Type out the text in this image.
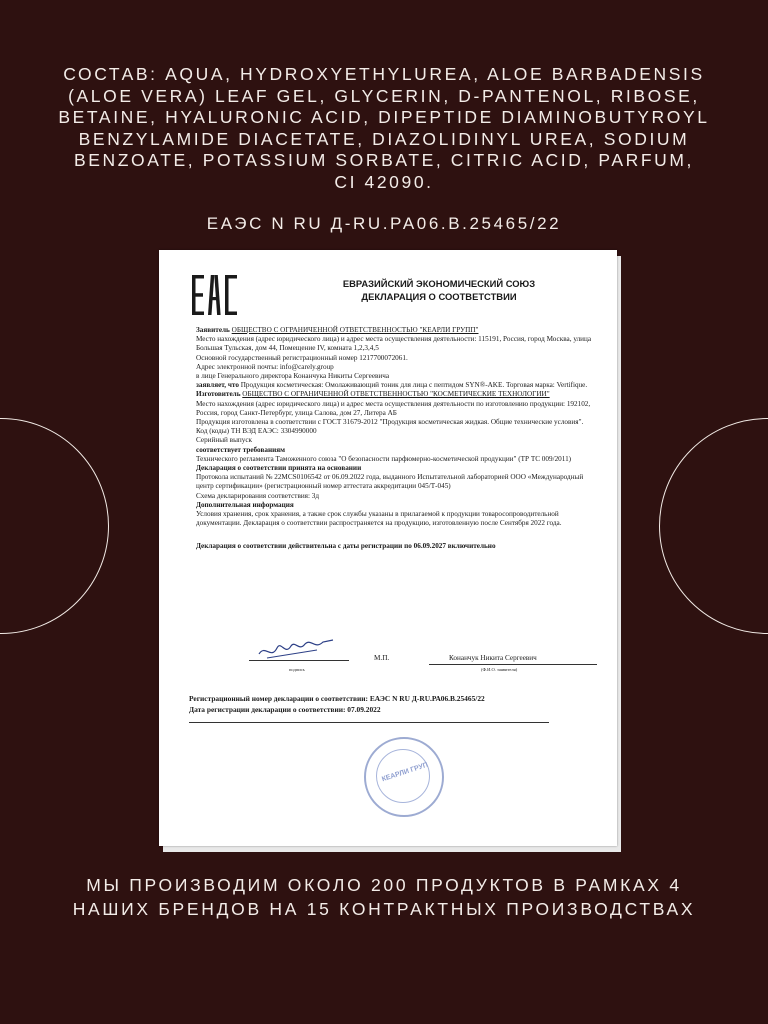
СОСТАВ: AQUA, HYDROXYETHYLUREA, ALOE BARBADENSIS
(ALOE VERA) LEAF GEL, GLYCERIN, D-PANTENOL, RIBOSE,
BETAINE, HYALURONIC ACID, DIPEPTIDE DIAMINOBUTYROYL
BENZYLAMIDE DIACETATE, DIAZOLIDINYL UREA, SODIUM
BENZOATE, POTASSIUM SORBATE, CITRIC ACID, PARFUM,
CI 42090.
ЕАЭС N RU Д-RU.РА06.В.25465/22
ЕВРАЗИЙСКИЙ ЭКОНОМИЧЕСКИЙ СОЮЗ
ДЕКЛАРАЦИЯ О СООТВЕТСТВИИ

Заявитель ОБЩЕСТВО С ОГРАНИЧЕННОЙ ОТВЕТСТВЕННОСТЬЮ "КЕАРЛИ ГРУПП"

Место нахождения (адрес юридического лица) и адрес места осуществления деятельности: 115191, Россия, город Москва, улица Большая Тульская, дом 44, Помещение IV, комната 1,2,3,4,5

Основной государственный регистрационный номер 1217700072061.

Адрес электронной почты: info@carely.group

в лице Генерального директора Конанчука Никиты Сергеевича

заявляет, что Продукция косметическая: Омолаживающий тоник для лица с пептидом SYN®-AKE. Торговая марка: Vertifique.

Изготовитель ОБЩЕСТВО С ОГРАНИЧЕННОЙ ОТВЕТСТВЕННОСТЬЮ "КОСМЕТИЧЕСКИЕ ТЕХНОЛОГИИ"

Место нахождения (адрес юридического лица) и адрес места осуществления деятельности по изготовлению продукции: 192102, Россия, город Санкт-Петербург, улица Салова, дом 27, Литера АБ

Продукция изготовлена в соответствии с ГОСТ 31679-2012 "Продукция косметическая жидкая. Общие технические условия".

Код (коды) ТН ВЭД ЕАЭС: 3304990000

Серийный выпуск

соответствует требованиям

Технического регламента Таможенного союза "О безопасности парфюмерно-косметической продукции" (ТР ТС 009/2011)

Декларация о соответствии принята на основании

Протокола испытаний № 22MCS0106542 от 06.09.2022 года, выданного Испытательной лабораторией ООО «Международный центр сертификации» (регистрационный номер аттестата аккредитации 045/Т-045)

Схема декларирования соответствия: 3д

Дополнительная информация

Условия хранения, срок хранения, а также срок службы указаны в прилагаемой к продукции товаросопроводительной документации. Декларация о соответствии распространяется на продукцию, изготовленную после Сентября 2022 года.

Декларация о соответствии действительна с даты регистрации по 06.09.2027 включительно

М.П.	Конанчук Никита Сергеевич
подпись	(Ф.И.О. заявителя)
Регистрационный номер декларации о соответствии: ЕАЭС N RU Д-RU.РА06.В.25465/22
Дата регистрации декларации о соответствии: 07.09.2022
КЕАРЛИ ГРУП
МЫ ПРОИЗВОДИМ ОКОЛО 200 ПРОДУКТОВ В РАМКАХ 4
НАШИХ БРЕНДОВ НА 15 КОНТРАКТНЫХ ПРОИЗВОДСТВАХ
